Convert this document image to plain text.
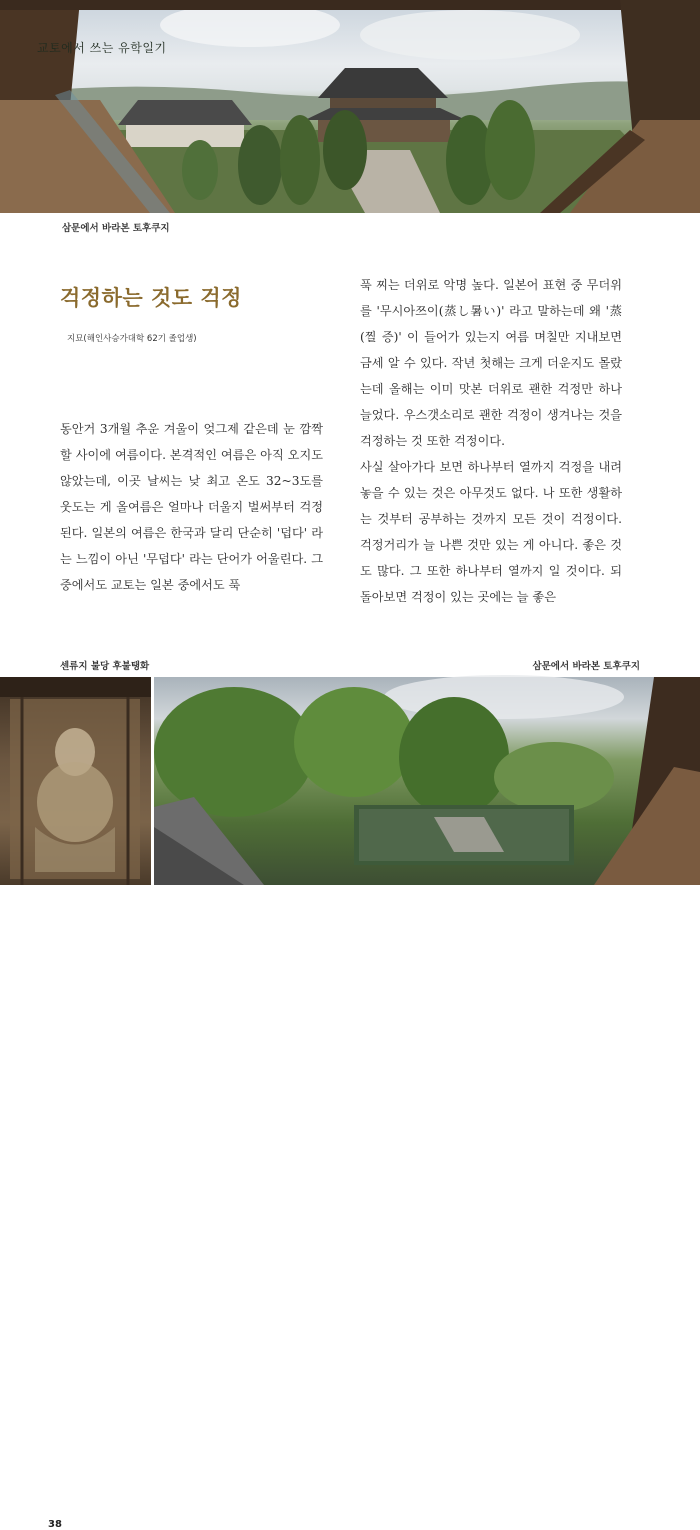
교토에서 쓰는 유학일기
삼문에서 바라본 토후쿠지
걱정하는 것도 걱정
지묘(해인사승가대학 62기 졸업생)

동안거 3개월 추운 겨울이 엊그제 같은데 눈 깜짝할 사이에 여름이다. 본격적인 여름은 아직 오지도 않았는데, 이곳 날씨는 낮 최고 온도 32~3도를 웃도는 게 올여름은 얼마나 더울지 벌써부터 걱정된다. 일본의 여름은 한국과 달리 단순히 '덥다' 라는 느낌이 아닌 '무덥다' 라는 단어가 어울린다. 그중에서도 교토는 일본 중에서도 푹

푹 찌는 더위로 악명 높다. 일본어 표현 중 무더위를 '무시아쯔이(蒸し暑い)' 라고 말하는데 왜 '蒸(찔 증)' 이 들어가 있는지 여름 며칠만 지내보면 금세 알 수 있다. 작년 첫해는 크게 더운지도 몰랐는데 올해는 이미 맛본 더위로 괜한 걱정만 하나 늘었다. 우스갯소리로 괜한 걱정이 생겨나는 것을 걱정하는 것 또한 걱정이다.

사실 살아가다 보면 하나부터 열까지 걱정을 내려놓을 수 있는 것은 아무것도 없다. 나 또한 생활하는 것부터 공부하는 것까지 모든 것이 걱정이다. 걱정거리가 늘 나쁜 것만 있는 게 아니다. 좋은 것도 많다. 그 또한 하나부터 열까지 일 것이다. 되돌아보면 걱정이 있는 곳에는 늘 좋은

센류지 불당 후불탱화	삼문에서 바라본 토후쿠지
38
